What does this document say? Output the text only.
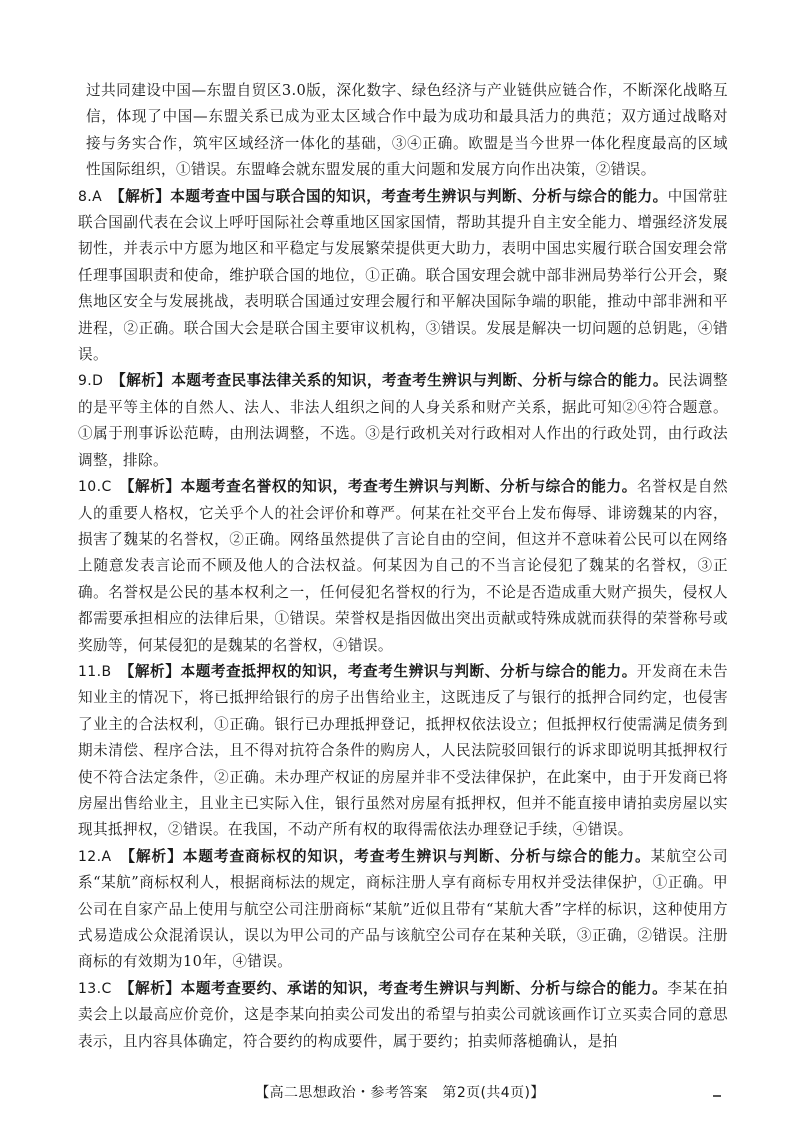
过共同建设中国—东盟自贸区3.0版，深化数字、绿色经济与产业链供应链合作，不断深化战略互信，体现了中国—东盟关系已成为亚太区域合作中最为成功和最具活力的典范；双方通过战略对接与务实合作，筑牢区域经济一体化的基础，③④正确。欧盟是当今世界一体化程度最高的区域性国际组织，①错误。东盟峰会就东盟发展的重大问题和发展方向作出决策，②错误。

8.A　 【解析】本题考查中国与联合国的知识，考查考生辨识与判断、分析与综合的能力。中国常驻联合国副代表在会议上呼吁国际社会尊重地区国家国情，帮助其提升自主安全能力、增强经济发展韧性，并表示中方愿为地区和平稳定与发展繁荣提供更大助力，表明中国忠实履行联合国安理会常任理事国职责和使命，维护联合国的地位，①正确。联合国安理会就中部非洲局势举行公开会，聚焦地区安全与发展挑战，表明联合国通过安理会履行和平解决国际争端的职能，推动中部非洲和平进程，②正确。联合国大会是联合国主要审议机构，③错误。发展是解决一切问题的总钥匙，④错误。

9.D　 【解析】本题考查民事法律关系的知识，考查考生辨识与判断、分析与综合的能力。民法调整的是平等主体的自然人、法人、非法人组织之间的人身关系和财产关系，据此可知②④符合题意。①属于刑事诉讼范畴，由刑法调整，不选。③是行政机关对行政相对人作出的行政处罚，由行政法调整，排除。

10.C　 【解析】本题考查名誉权的知识，考查考生辨识与判断、分析与综合的能力。名誉权是自然人的重要人格权，它关乎个人的社会评价和尊严。何某在社交平台上发布侮辱、诽谤魏某的内容，损害了魏某的名誉权，②正确。网络虽然提供了言论自由的空间，但这并不意味着公民可以在网络上随意发表言论而不顾及他人的合法权益。何某因为自己的不当言论侵犯了魏某的名誉权，③正确。名誉权是公民的基本权利之一，任何侵犯名誉权的行为，不论是否造成重大财产损失，侵权人都需要承担相应的法律后果，①错误。荣誉权是指因做出突出贡献或特殊成就而获得的荣誉称号或奖励等，何某侵犯的是魏某的名誉权，④错误。

11.B　 【解析】本题考查抵押权的知识，考查考生辨识与判断、分析与综合的能力。开发商在未告知业主的情况下，将已抵押给银行的房子出售给业主，这既违反了与银行的抵押合同约定，也侵害了业主的合法权利，①正确。银行已办理抵押登记，抵押权依法设立；但抵押权行使需满足债务到期未清偿、程序合法，且不得对抗符合条件的购房人，人民法院驳回银行的诉求即说明其抵押权行使不符合法定条件，②正确。未办理产权证的房屋并非不受法律保护，在此案中，由于开发商已将房屋出售给业主，且业主已实际入住，银行虽然对房屋有抵押权，但并不能直接申请拍卖房屋以实现其抵押权，②错误。在我国，不动产所有权的取得需依法办理登记手续，④错误。

12.A　 【解析】本题考查商标权的知识，考查考生辨识与判断、分析与综合的能力。某航空公司系“某航”商标权利人，根据商标法的规定，商标注册人享有商标专用权并受法律保护，①正确。甲公司在自家产品上使用与航空公司注册商标“某航”近似且带有“某航大香”字样的标识，这种使用方式易造成公众混淆误认，误以为甲公司的产品与该航空公司存在某种关联，③正确，②错误。注册商标的有效期为10年，④错误。

13.C　 【解析】本题考查要约、承诺的知识，考查考生辨识与判断、分析与综合的能力。李某在拍卖会上以最高应价竞价，这是李某向拍卖公司发出的希望与拍卖公司就该画作订立买卖合同的意思表示，且内容具体确定，符合要约的构成要件，属于要约；拍卖师落槌确认，是拍

【高二思想政治・参考答案　第2页(共4页)】
